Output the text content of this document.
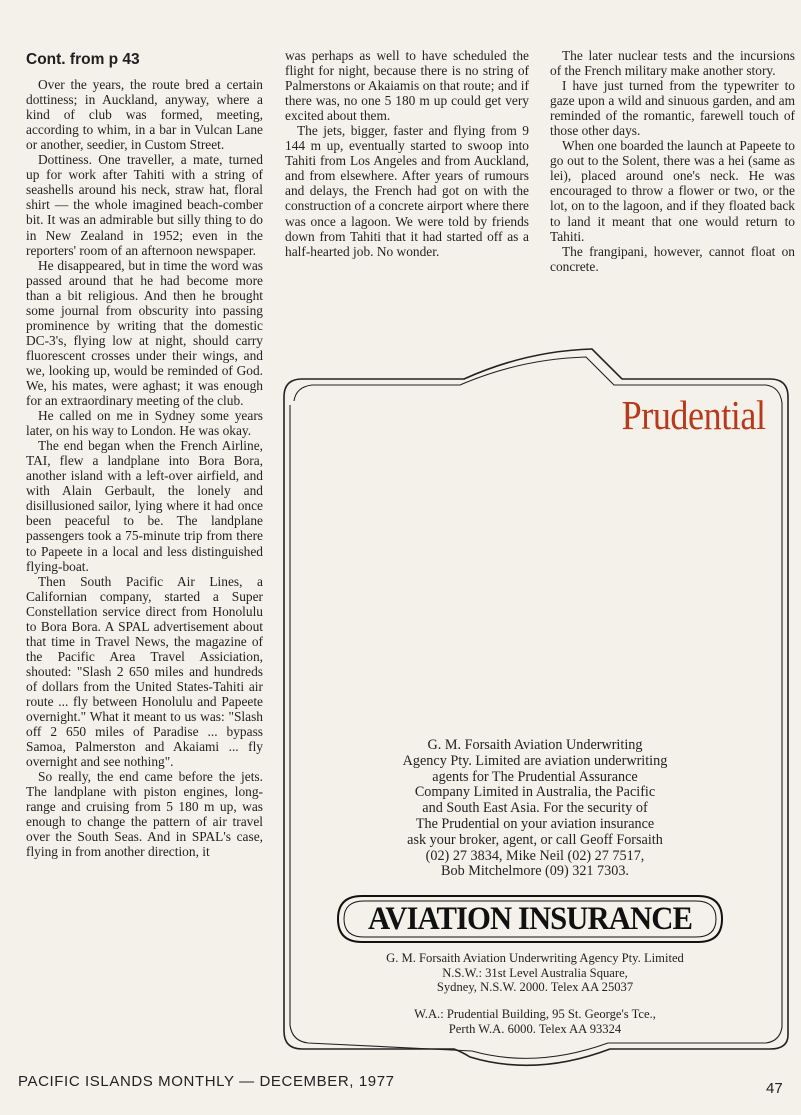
Cont. from p 43

Over the years, the route bred a certain dottiness; in Auckland, anyway, where a kind of club was formed, meeting, according to whim, in a bar in Vulcan Lane or another, seedier, in Custom Street.

Dottiness. One traveller, a mate, turned up for work after Tahiti with a string of seashells around his neck, straw hat, floral shirt — the whole imagined beach-comber bit. It was an admirable but silly thing to do in New Zealand in 1952; even in the reporters' room of an afternoon newspaper.

He disappeared, but in time the word was passed around that he had become more than a bit religious. And then he brought some journal from obscurity into passing prominence by writing that the domestic DC-3's, flying low at night, should carry fluorescent crosses under their wings, and we, looking up, would be reminded of God. We, his mates, were aghast; it was enough for an extraordinary meeting of the club.

He called on me in Sydney some years later, on his way to London. He was okay.

The end began when the French Airline, TAI, flew a landplane into Bora Bora, another island with a left-over airfield, and with Alain Gerbault, the lonely and disillusioned sailor, lying where it had once been peaceful to be. The landplane passengers took a 75-minute trip from there to Papeete in a local and less distinguished flying-boat.

Then South Pacific Air Lines, a Californian company, started a Super Constellation service direct from Honolulu to Bora Bora. A SPAL advertisement about that time in Travel News, the magazine of the Pacific Area Travel Assiciation, shouted: "Slash 2 650 miles and hundreds of dollars from the United States-Tahiti air route ... fly between Honolulu and Papeete overnight." What it meant to us was: "Slash off 2 650 miles of Paradise ... bypass Samoa, Palmerston and Akaiami ... fly overnight and see nothing".

So really, the end came before the jets. The landplane with piston engines, long-range and cruising from 5 180 m up, was enough to change the pattern of air travel over the South Seas. And in SPAL's case, flying in from another direction, it

was perhaps as well to have scheduled the flight for night, because there is no string of Palmerstons or Akaiamis on that route; and if there was, no one 5 180 m up could get very excited about them.

The jets, bigger, faster and flying from 9 144 m up, eventually started to swoop into Tahiti from Los Angeles and from Auckland, and from elsewhere. After years of rumours and delays, the French had got on with the construction of a concrete airport where there was once a lagoon. We were told by friends down from Tahiti that it had started off as a half-hearted job. No wonder.

The later nuclear tests and the incursions of the French military make another story.

I have just turned from the typewriter to gaze upon a wild and sinuous garden, and am reminded of the romantic, farewell touch of those other days.

When one boarded the launch at Papeete to go out to the Solent, there was a hei (same as lei), placed around one's neck. He was encouraged to throw a flower or two, or the lot, on to the lagoon, and if they floated back to land it meant that one would return to Tahiti.

The frangipani, however, cannot float on concrete.

Prudential
G. M. Forsaith Aviation Underwriting
Agency Pty. Limited are aviation underwriting
agents for The Prudential Assurance
Company Limited in Australia, the Pacific
and South East Asia. For the security of
The Prudential on your aviation insurance
ask your broker, agent, or call Geoff Forsaith
(02) 27 3834, Mike Neil (02) 27 7517,
Bob Mitchelmore (09) 321 7303.
AVIATION INSURANCE
G. M. Forsaith Aviation Underwriting Agency Pty. Limited
N.S.W.: 31st Level Australia Square,
Sydney, N.S.W. 2000. Telex AA 25037
W.A.: Prudential Building, 95 St. George's Tce.,
Perth W.A. 6000. Telex AA 93324
PACIFIC ISLANDS MONTHLY — DECEMBER, 1977	47
